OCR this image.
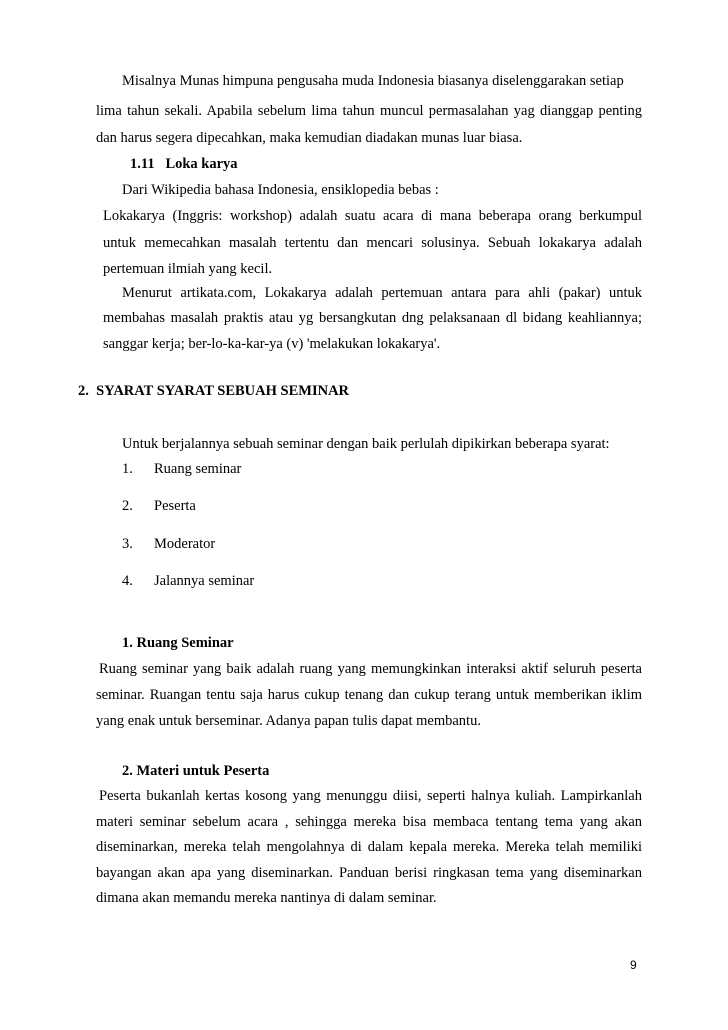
Misalnya Munas himpuna pengusaha muda Indonesia biasanya diselenggarakan setiap
lima tahun sekali. Apabila sebelum lima tahun muncul permasalahan yag dianggap penting
dan harus segera dipecahkan, maka kemudian diadakan munas luar biasa.
1.11   Loka karya
Dari Wikipedia bahasa Indonesia, ensiklopedia bebas :
Lokakarya (Inggris: workshop) adalah suatu acara di mana beberapa orang berkumpul
untuk memecahkan masalah tertentu dan mencari solusinya. Sebuah lokakarya adalah
pertemuan ilmiah yang kecil.
Menurut artikata.com, Lokakarya adalah pertemuan antara para ahli (pakar) untuk
membahas masalah praktis atau yg bersangkutan dng pelaksanaan dl bidang keahliannya;
sanggar kerja; ber-lo-ka-kar-ya (v) 'melakukan lokakarya'.
2.  SYARAT SYARAT SEBUAH SEMINAR
Untuk berjalannya sebuah seminar dengan baik perlulah dipikirkan beberapa syarat:
1. Ruang seminar
2. Peserta
3. Moderator
4. Jalannya seminar
1. Ruang Seminar
Ruang seminar yang baik adalah ruang yang memungkinkan interaksi aktif seluruh peserta
seminar. Ruangan tentu saja harus cukup tenang dan cukup terang untuk memberikan iklim
yang enak untuk berseminar. Adanya papan tulis dapat membantu.
2. Materi untuk Peserta
Peserta bukanlah kertas kosong yang menunggu diisi, seperti halnya kuliah. Lampirkanlah
materi seminar sebelum acara , sehingga mereka bisa membaca tentang tema yang akan
diseminarkan, mereka telah mengolahnya di dalam kepala mereka. Mereka telah memiliki
bayangan akan apa yang diseminarkan. Panduan berisi ringkasan tema yang diseminarkan
dimana akan memandu mereka nantinya di dalam seminar.
9
